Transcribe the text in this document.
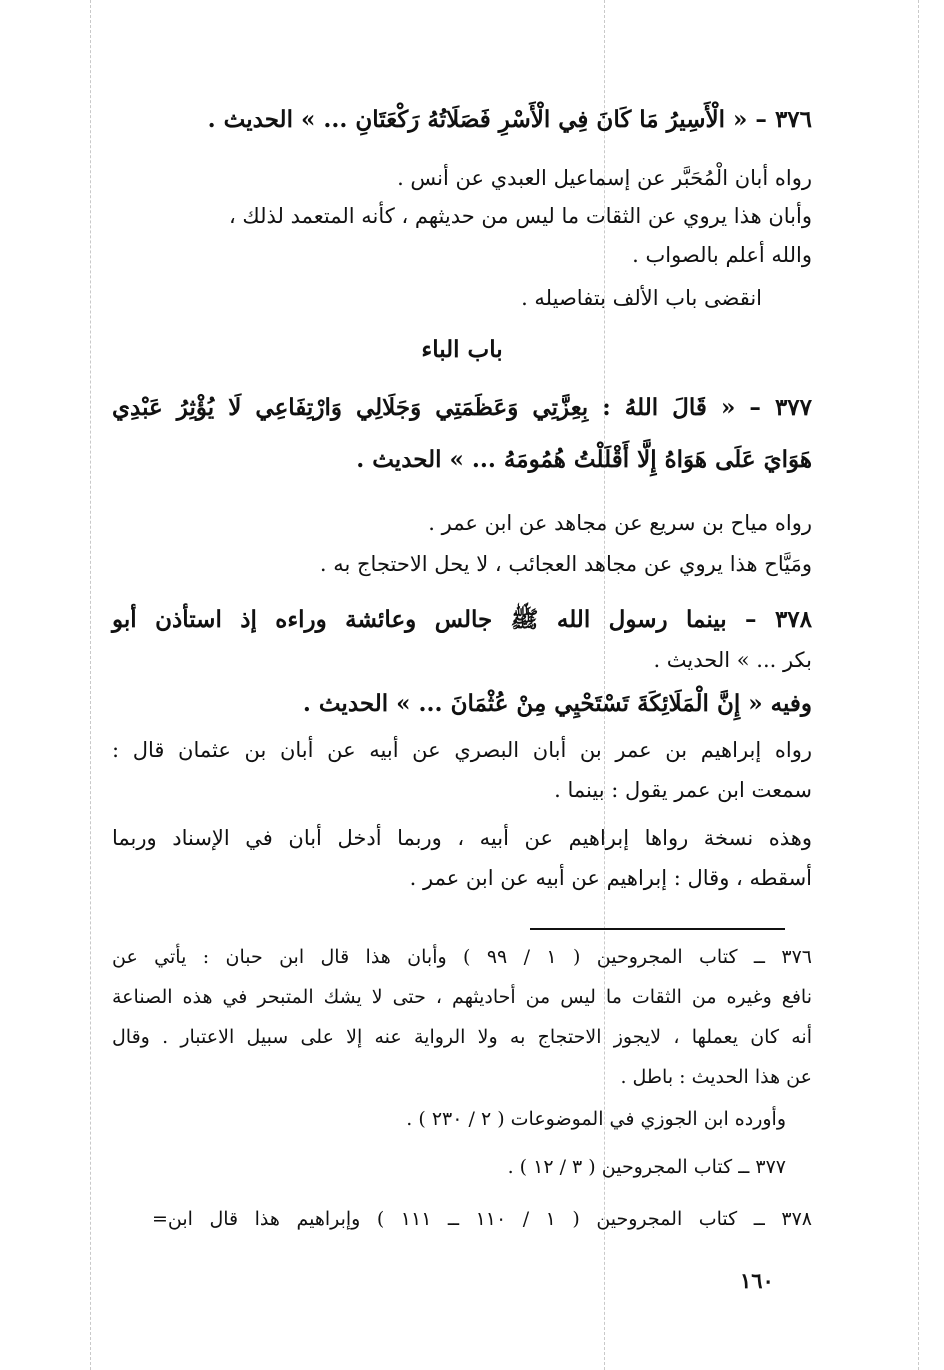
٣٧٦ – « الْأَسِيرُ مَا كَانَ فِي الْأَسْرِ فَصَلَاتُهُ رَكْعَتَانِ ... » الحديث .
رواه أبان الْمُحَبَّر عن إسماعيل العبدي عن أنس .
وأبان هذا يروي عن الثقات ما ليس من حديثهم ، كأنه المتعمد لذلك ،
والله أعلم بالصواب .
انقضى باب الألف بتفاصيله .
باب الباء
٣٧٧ – « قَالَ اللهُ : بِعِزَّتِي وَعَظَمَتِي وَجَلَالِي وَارْتِفَاعِي لَا يُؤْثِرُ عَبْدِي
هَوَايَ عَلَى هَوَاهُ إِلَّا أَقْلَلْتُ هُمُومَهُ ... » الحديث .
رواه مياح بن سريع عن مجاهد عن ابن عمر .
ومَيَّاح هذا يروي عن مجاهد العجائب ، لا يحل الاحتجاج به .
٣٧٨ – بينما رسول الله ﷺ جالس وعائشة وراءه إذ استأذن أبو
بكر ... » الحديث .
وفيه « إِنَّ الْمَلَائِكَةَ تَسْتَحْيِي مِنْ عُثْمَانَ ... » الحديث .
رواه إبراهيم بن عمر بن أبان البصري عن أبيه عن أبان بن عثمان قال :
سمعت ابن عمر يقول : بينما .
وهذه نسخة رواها إبراهيم عن أبيه ، وربما أدخل أبان في الإسناد وربما
أسقطه ، وقال : إبراهيم عن أبيه عن ابن عمر .
٣٧٦ ــ كتاب المجروحين ( ١ / ٩٩ ) وأبان هذا قال ابن حبان : يأتي عن
نافع وغيره من الثقات ما ليس من أحاديثهم ، حتى لا يشك المتبحر في هذه الصناعة
أنه كان يعملها ، لايجوز الاحتجاج به ولا الرواية عنه إلا على سبيل الاعتبار . وقال
عن هذا الحديث : باطل .
وأورده ابن الجوزي في الموضوعات ( ٢ / ٢٣٠ ) .
٣٧٧ ــ كتاب المجروحين ( ٣ / ١٢ ) .
٣٧٨ ــ كتاب المجروحين ( ١ / ١١٠ ــ ١١١ ) وإبراهيم هذا قال ابن=
١٦٠
